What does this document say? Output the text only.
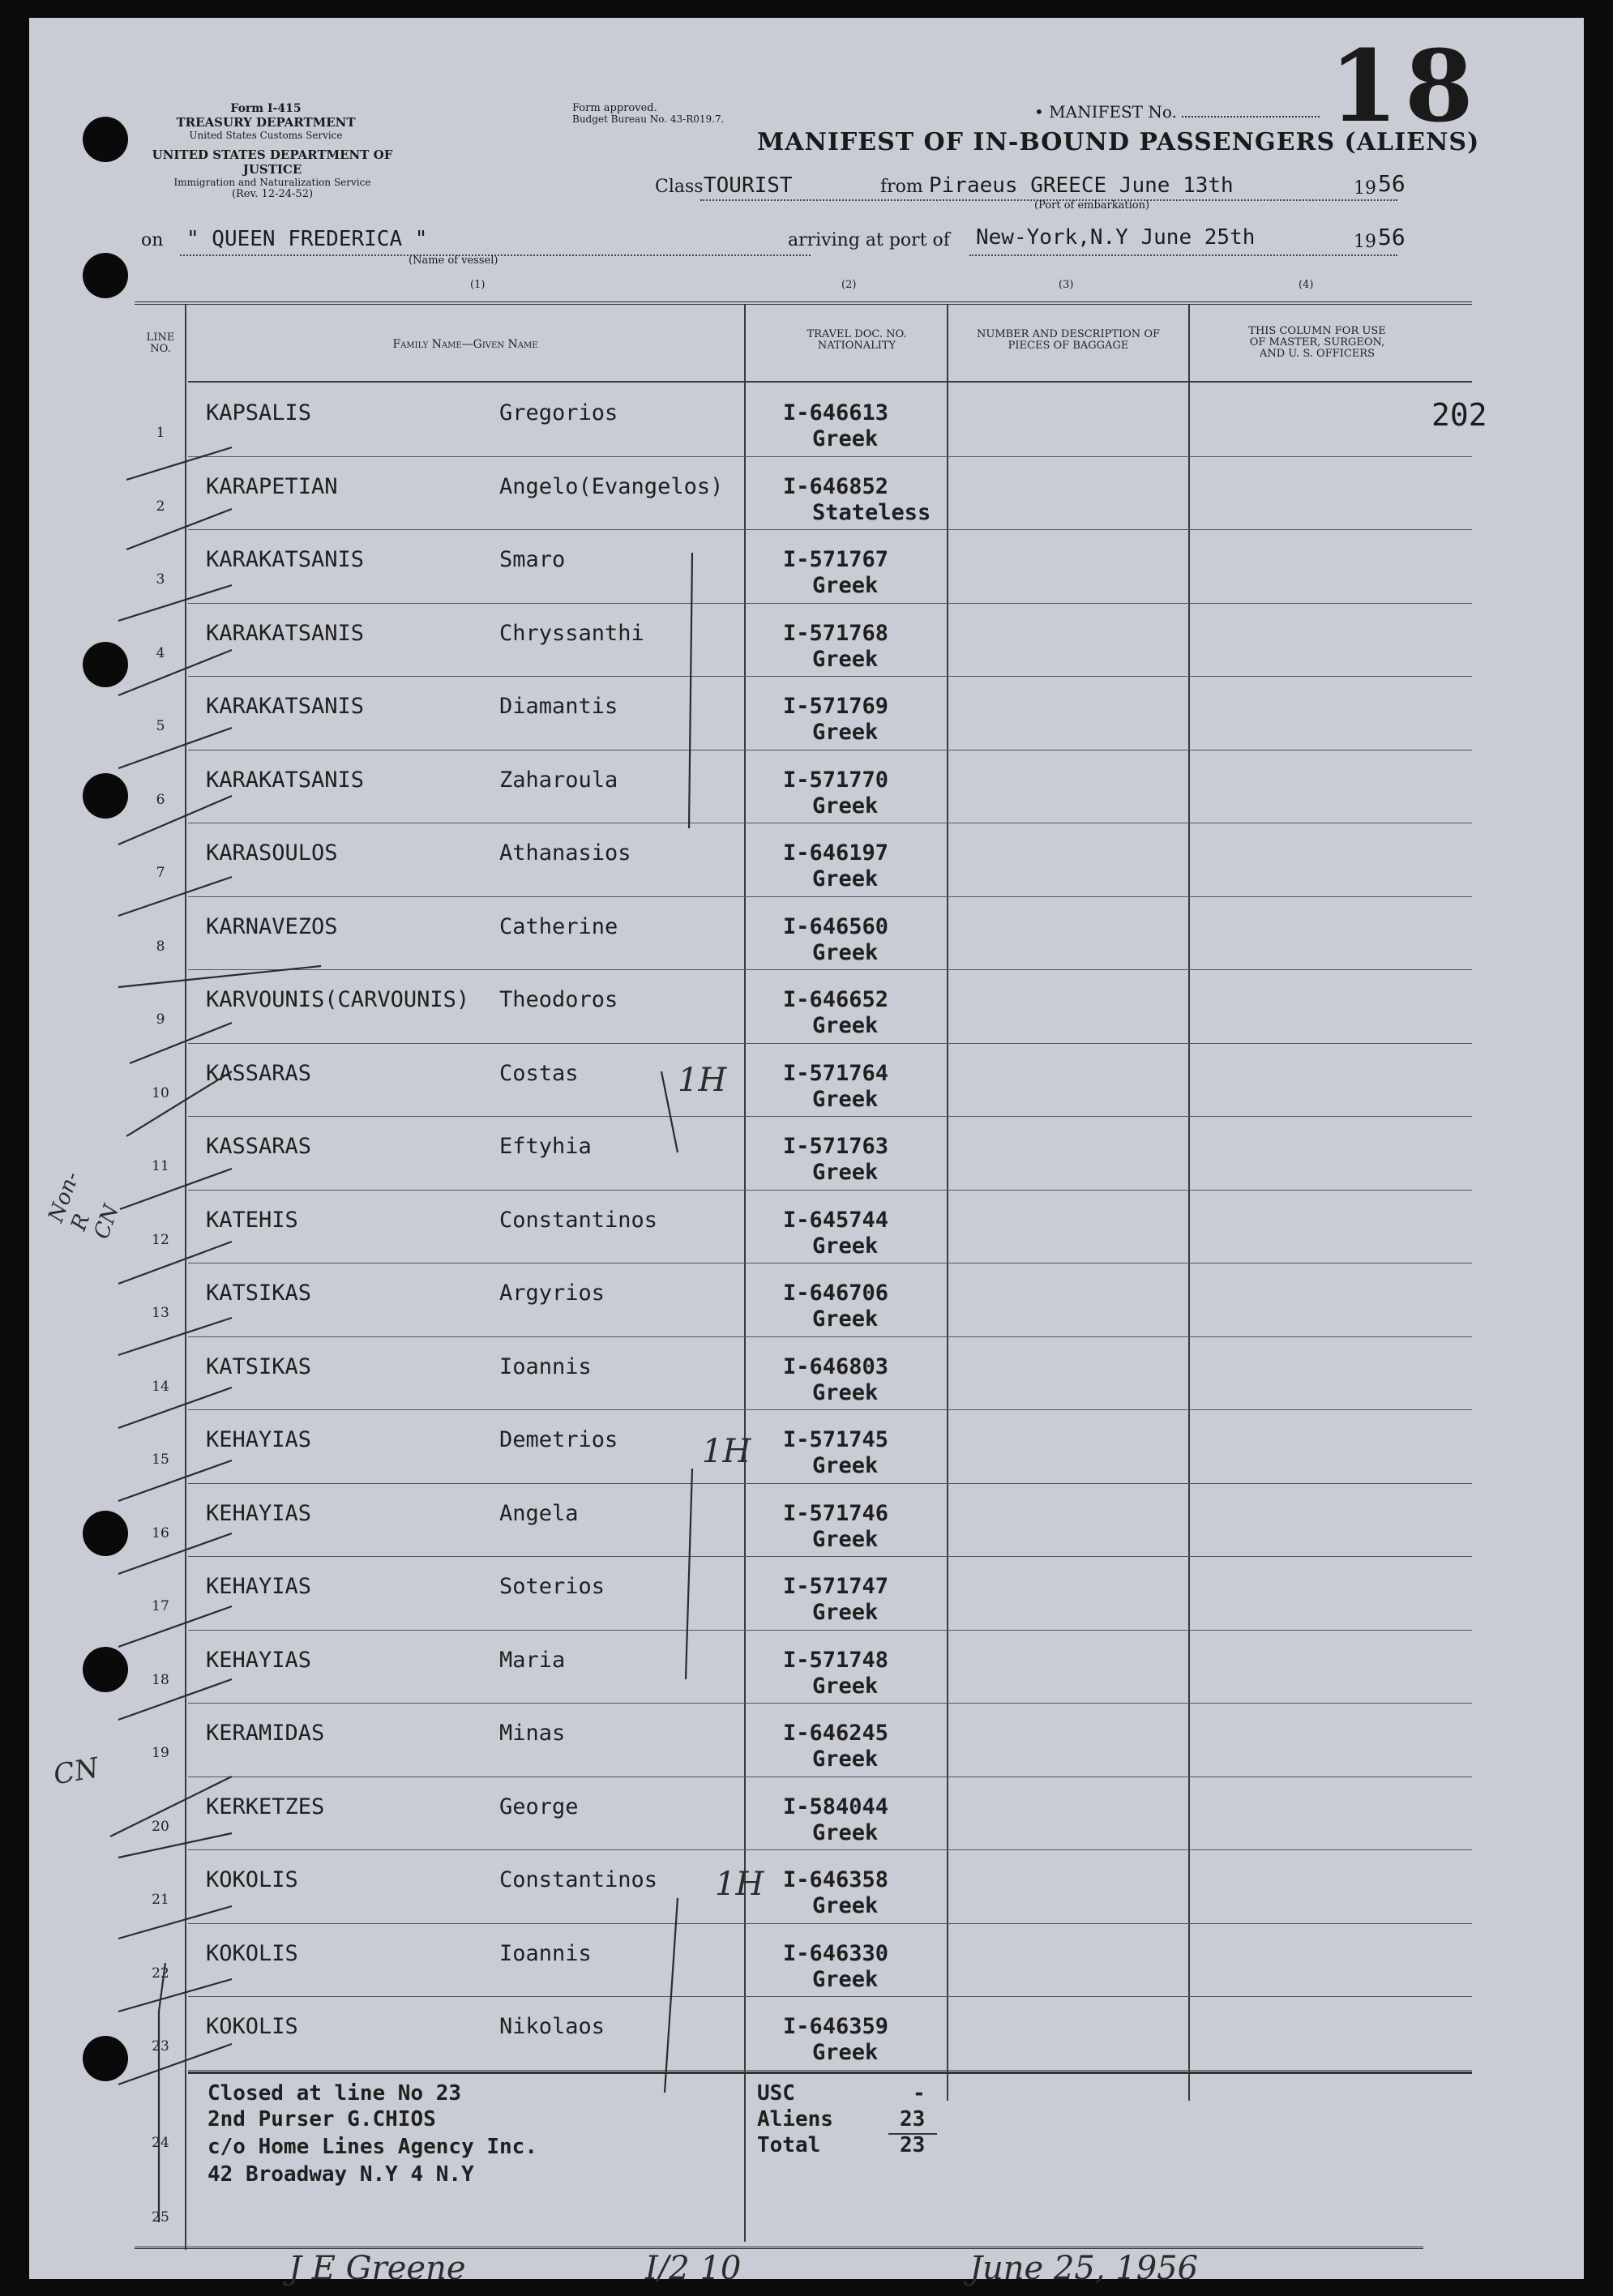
18
202
Form I-415
TREASURY DEPARTMENT
United States Customs Service
UNITED STATES DEPARTMENT OF JUSTICE
Immigration and Naturalization Service
(Rev. 12-24-52)
Form approved.
Budget Bureau No. 43-R019.7.	• MANIFEST No.
MANIFEST OF IN-BOUND PASSENGERS (ALIENS)
Class TOURIST	from Piraeus GREECE June 13th	19 56
(Port of embarkation)
on " QUEEN FREDERICA "
(Name of vessel)
arriving at port of New-York,N.Y June 25th	19 56
(1)	(2)	(3)	(4)
LINE NO.	Family Name—Given Name
TRAVEL DOC. NO. NATIONALITY
NUMBER AND DESCRIPTION OF PIECES OF BAGGAGE
THIS COLUMN FOR USE OF MASTER, SURGEON, AND U. S. OFFICERS
1
KAPSALIS	Gregorios	I-646613
Greek
2
KARAPETIAN	Angelo(Evangelos)	I-646852
Stateless
3
KARAKATSANIS	Smaro	I-571767
Greek
4
KARAKATSANIS	Chryssanthi	I-571768
Greek
5
KARAKATSANIS	Diamantis	I-571769
Greek
6
KARAKATSANIS	Zaharoula	I-571770
Greek
7
KARASOULOS	Athanasios	I-646197
Greek
8
KARNAVEZOS	Catherine	I-646560
Greek
9
KARVOUNIS(CARVOUNIS) Theodoros	I-646652
Greek
10
KASSARAS	Costas	I-571764
Greek
11
KASSARAS	Eftyhia	I-571763
Greek
12
KATEHIS	Constantinos	I-645744
Greek
13
KATSIKAS	Argyrios	I-646706
Greek
14
KATSIKAS	Ioannis	I-646803
Greek
15
KEHAYIAS	Demetrios	I-571745
Greek
16
KEHAYIAS	Angela	I-571746
Greek
17
KEHAYIAS	Soterios	I-571747
Greek
18
KEHAYIAS	Maria	I-571748
Greek
19
KERAMIDAS	Minas	I-646245
Greek
20
KERKETZES	George	I-584044
Greek
21
KOKOLIS	Constantinos	I-646358
Greek
22
KOKOLIS	Ioannis	I-646330
Greek
23
KOKOLIS	Nikolaos	I-646359
Greek
Non-R CN
CN
1H
1H
1H
24
25
Closed at line No 23
2nd Purser G.CHIOS
c/o Home Lines Agency Inc.
42 Broadway N.Y 4 N.Y
USC	-
Aliens	23
Total	23
J E Greene	I/2 10	June 25, 1956
